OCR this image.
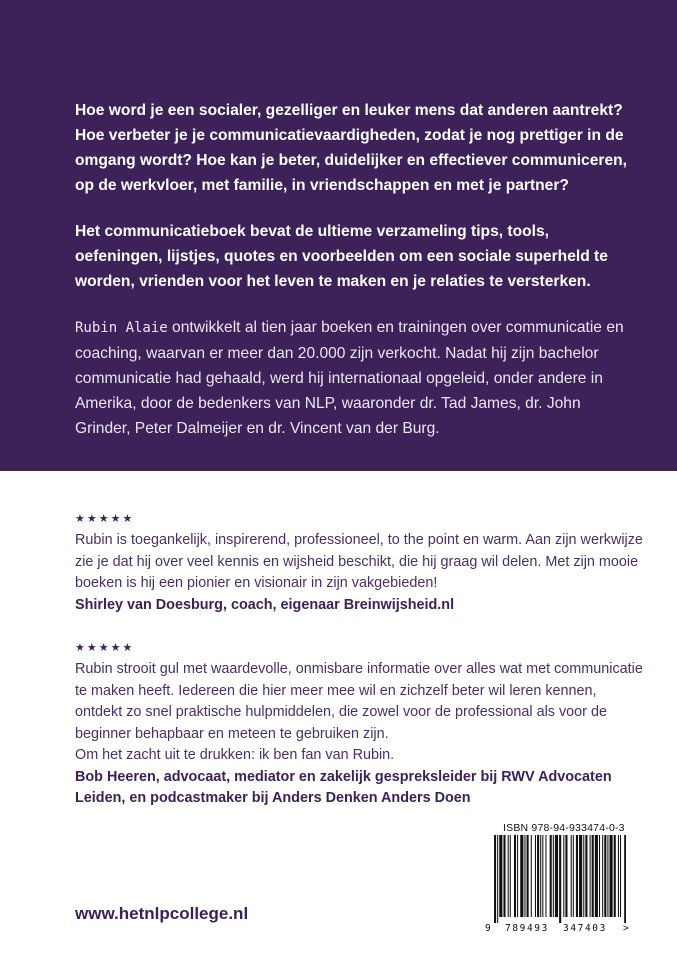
Hoe word je een socialer, gezelliger en leuker mens dat anderen aantrekt? Hoe verbeter je je communicatievaardigheden, zodat je nog prettiger in de omgang wordt? Hoe kan je beter, duidelijker en effectiever communiceren, op de werkvloer, met familie, in vriendschappen en met je partner?

Het communicatieboek bevat de ultieme verzameling tips, tools, oefeningen, lijstjes, quotes en voorbeelden om een sociale superheld te worden, vrienden voor het leven te maken en je relaties te versterken.

Rubin Alaie ontwikkelt al tien jaar boeken en trainingen over communicatie en coaching, waarvan er meer dan 20.000 zijn verkocht. Nadat hij zijn bachelor communicatie had gehaald, werd hij internationaal opgeleid, onder andere in Amerika, door de bedenkers van NLP, waaronder dr. Tad James, dr. John Grinder, Peter Dalmeijer en dr. Vincent van der Burg.

★★★★★

Rubin is toegankelijk, inspirerend, professioneel, to the point en warm. Aan zijn werkwijze zie je dat hij over veel kennis en wijsheid beschikt, die hij graag wil delen. Met zijn mooie boeken is hij een pionier en visionair in zijn vakgebieden!

Shirley van Doesburg, coach, eigenaar Breinwijsheid.nl

★★★★★

Rubin strooit gul met waardevolle, onmisbare informatie over alles wat met communicatie te maken heeft. Iedereen die hier meer mee wil en zichzelf beter wil leren kennen, ontdekt zo snel praktische hulpmiddelen, die zowel voor de professional als voor de beginner behapbaar en meteen te gebruiken zijn.

Om het zacht uit te drukken: ik ben fan van Rubin.

Bob Heeren, advocaat, mediator en zakelijk gespreksleider bij RWV Advocaten Leiden, en podcastmaker bij Anders Denken Anders Doen

www.hetnlpcollege.nl
ISBN 978-94-933474-0-3
9 789493 347403 >
